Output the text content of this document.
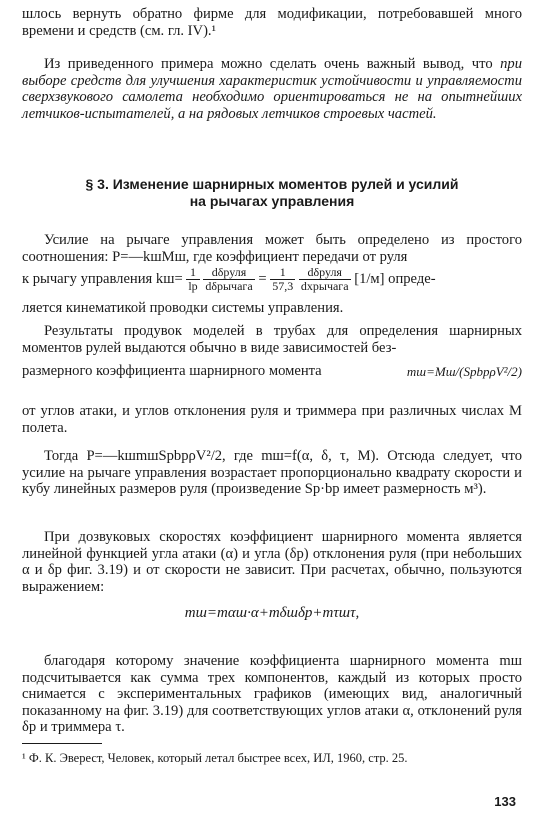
шлось вернуть обратно фирме для модификации, потребовавшей много времени и средств (см. гл. IV).¹

Из приведенного примера можно сделать очень важный вывод, что при выборе средств для улучшения характеристик устойчивости и управляемости сверхзвукового самолета необходимо ориентироваться не на опытнейших летчиков-испытателей, а на рядовых летчиков строевых частей.

§ 3. Изменение шарнирных моментов рулей и усилий
на рычагах управления

Усилие на рычаге управления может быть определено из простого соотношения: P=—kшMш, где коэффициент передачи от руля

к рычагу управления $kш= \frac{1}{lр}$
$\frac{\text{dδруля}}{\text{dδрычага}} = \frac{1}{57,3}$
$\frac{\text{dδруля}}{\text{dxрычага}} [1/м]$ опреде-

ляется кинематикой проводки системы управления.

Результаты продувок моделей в трубах для определения шарнирных моментов рулей выдаются обычно в виде зависимостей без-

размерного коэффициента шарнирного момента	mш=Mш/(SрbрρV²/2)

от углов атаки, и углов отклонения руля и триммера при различных числах M полета.

Тогда P=—kшmшSрbрρV²/2, где mш=f(α, δ, τ, M). Отсюда следует, что усилие на рычаге управления возрастает пропорционально квадрату скорости и кубу линейных размеров руля (произведение Sр·bр имеет размерность м³).

При дозвуковых скоростях коэффициент шарнирного момента является линейной функцией угла атаки (α) и угла (δр) отклонения руля (при небольших α и δр фиг. 3.19) и от скорости не зависит. При расчетах, обычно, пользуются выражением:

mш=mαш·α+mδшδр+mτшτ,

благодаря которому значение коэффициента шарнирного момента mш подсчитывается как сумма трех компонентов, каждый из которых просто снимается с экспериментальных графиков (имеющих вид, аналогичный показанному на фиг. 3.19) для соответствующих углов атаки α, отклонений руля δр и триммера τ.

¹ Ф. К. Эверест, Человек, который летал быстрее всех, ИЛ, 1960, стр. 25.
133
